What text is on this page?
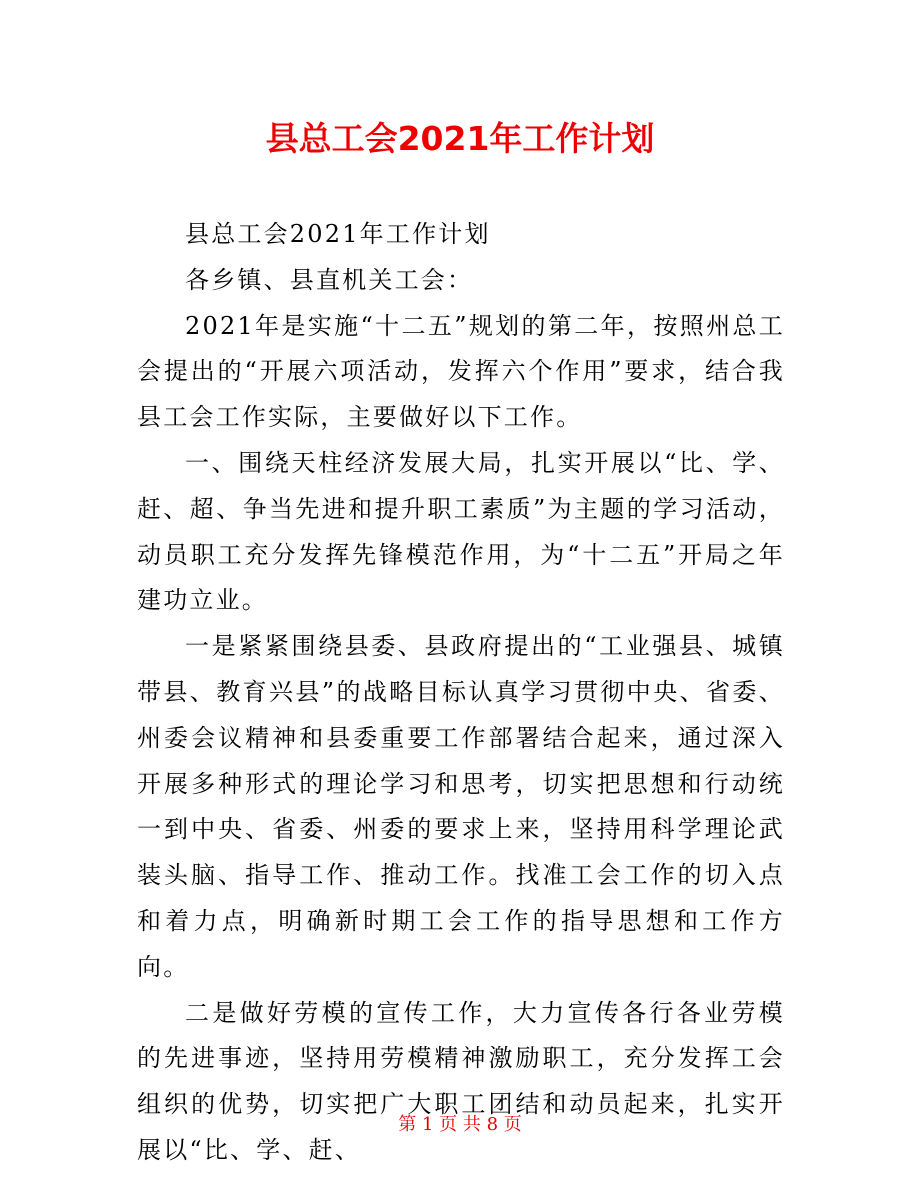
县总工会2021年工作计划

县总工会2021年工作计划

各乡镇、县直机关工会：

2021年是实施“十二五”规划的第二年，按照州总工会提出的“开展六项活动，发挥六个作用”要求，结合我县工会工作实际，主要做好以下工作。

一、围绕天柱经济发展大局，扎实开展以“比、学、赶、超、争当先进和提升职工素质”为主题的学习活动，动员职工充分发挥先锋模范作用，为“十二五”开局之年建功立业。

一是紧紧围绕县委、县政府提出的“工业强县、城镇带县、教育兴县”的战略目标认真学习贯彻中央、省委、州委会议精神和县委重要工作部署结合起来，通过深入开展多种形式的理论学习和思考，切实把思想和行动统一到中央、省委、州委的要求上来，坚持用科学理论武装头脑、指导工作、推动工作。找准工会工作的切入点和着力点，明确新时期工会工作的指导思想和工作方向。

二是做好劳模的宣传工作，大力宣传各行各业劳模的先进事迹，坚持用劳模精神激励职工，充分发挥工会组织的优势，切实把广大职工团结和动员起来，扎实开展以“比、学、赶、

第 1 页 共 8 页
